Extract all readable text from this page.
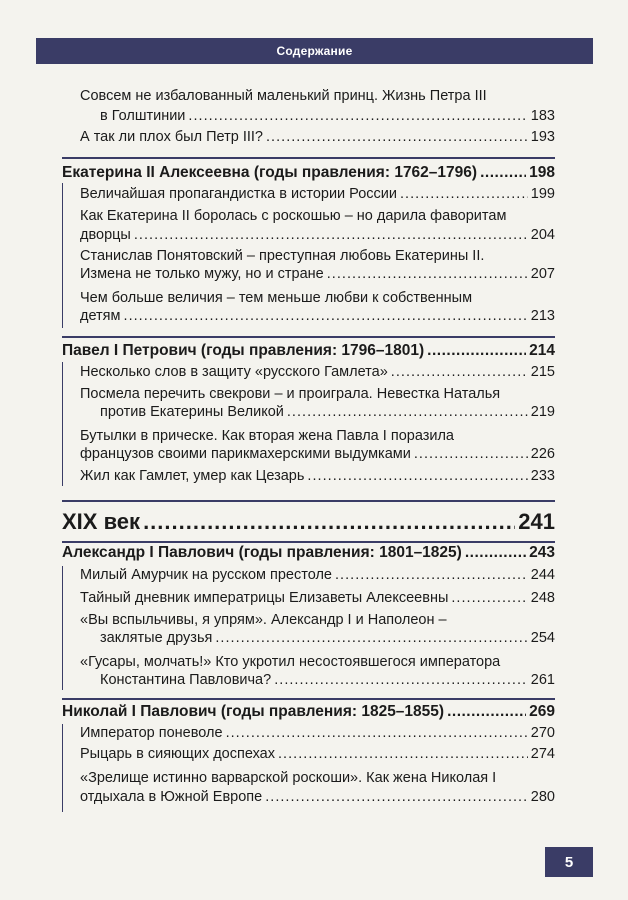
Содержание
Совсем не избалованный маленький принц. Жизнь Петра III
в Голштинии . . .	183
А так ли плох был Петр III? . . .	193
Екатерина II Алексеевна (годы правления: 1762–1796) .....	198
Величайшая пропагандистка в истории России . . .	199
Как Екатерина II боролась с роскошью – но дарила фаворитам
дворцы . . .	204
Станислав Понятовский – преступная любовь Екатерины II.
Измена не только мужу, но и стране . . .	207
Чем больше величия – тем меньше любви к собственным
детям . . .	213
Павел I Петрович (годы правления: 1796–1801) .....	214
Несколько слов в защиту «русского Гамлета» . . .	215
Посмела перечить свекрови – и проиграла. Невестка Наталья
против Екатерины Великой . . .	219
Бутылки в прическе. Как вторая жена Павла I поразила
французов своими парикмахерскими выдумками . . .	226
Жил как Гамлет, умер как Цезарь . . .	233
XIX век .....	241
Александр I Павлович (годы правления: 1801–1825) .....	243
Милый Амурчик на русском престоле . . .	244
Тайный дневник императрицы Елизаветы Алексеевны . . .	248
«Вы вспыльчивы, я упрям». Александр I и Наполеон –
заклятые друзья . . .	254
«Гусары, молчать!» Кто укротил несостоявшегося императора
Константина Павловича? . . .	261
Николай I Павлович (годы правления: 1825–1855) .....	269
Император поневоле . . .	270
Рыцарь в сияющих доспехах . . .	274
«Зрелище истинно варварской роскоши». Как жена Николая I
отдыхала в Южной Европе . . .	280
5
